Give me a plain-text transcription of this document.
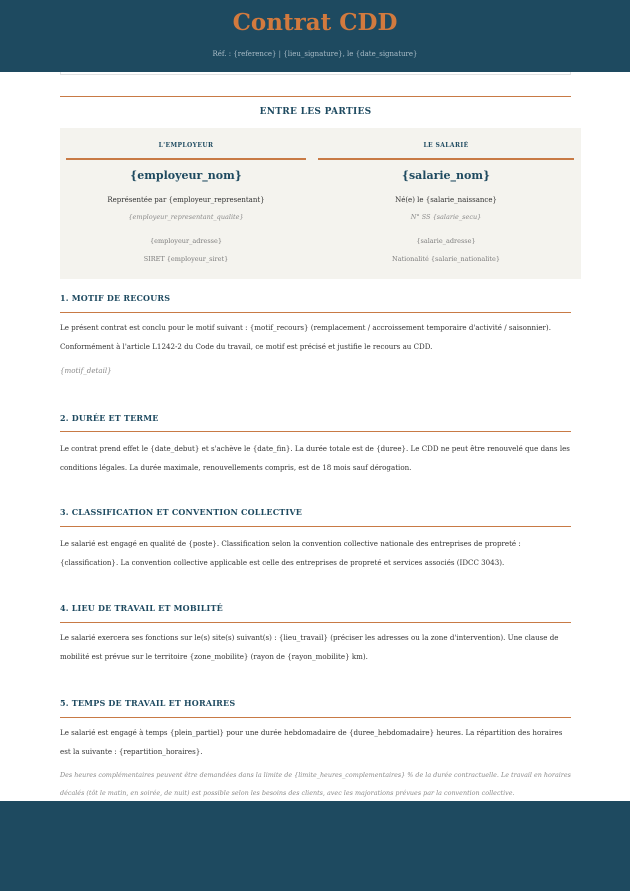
Contrat CDD
Réf. : {reference} | {lieu_signature}, le {date_signature}
ENTRE LES PARTIES
L'EMPLOYEUR
{employeur_nom}
Représentée par {employeur_representant}
{employeur_representant_qualite}
{employeur_adresse}
SIRET {employeur_siret}
LE SALARIÉ
{salarie_nom}
Né(e) le {salarie_naissance}
N° SS {salarie_secu}
{salarie_adresse}
Nationalité {salarie_nationalite}
1. MOTIF DE RECOURS
Le présent contrat est conclu pour le motif suivant : {motif_recours} (remplacement / accroissement temporaire d'activité / saisonnier). Conformément à l'article L1242-2 du Code du travail, ce motif est précisé et justifie le recours au CDD.
{motif_detail}
2. DURÉE ET TERME
Le contrat prend effet le {date_debut} et s'achève le {date_fin}. La durée totale est de {duree}. Le CDD ne peut être renouvelé que dans les conditions légales. La durée maximale, renouvellements compris, est de 18 mois sauf dérogation.
3. CLASSIFICATION ET CONVENTION COLLECTIVE
Le salarié est engagé en qualité de {poste}. Classification selon la convention collective nationale des entreprises de propreté : {classification}. La convention collective applicable est celle des entreprises de propreté et services associés (IDCC 3043).
4. LIEU DE TRAVAIL ET MOBILITÉ
Le salarié exercera ses fonctions sur le(s) site(s) suivant(s) : {lieu_travail} (préciser les adresses ou la zone d'intervention). Une clause de mobilité est prévue sur le territoire {zone_mobilite} (rayon de {rayon_mobilite} km).
5. TEMPS DE TRAVAIL ET HORAIRES
Le salarié est engagé à temps {plein_partiel} pour une durée hebdomadaire de {duree_hebdomadaire} heures. La répartition des horaires est la suivante : {repartition_horaires}.
Des heures complémentaires peuvent être demandées dans la limite de {limite_heures_complementaires} % de la durée contractuelle. Le travail en horaires décalés (tôt le matin, en soirée, de nuit) est possible selon les besoins des clients, avec les majorations prévues par la convention collective.
